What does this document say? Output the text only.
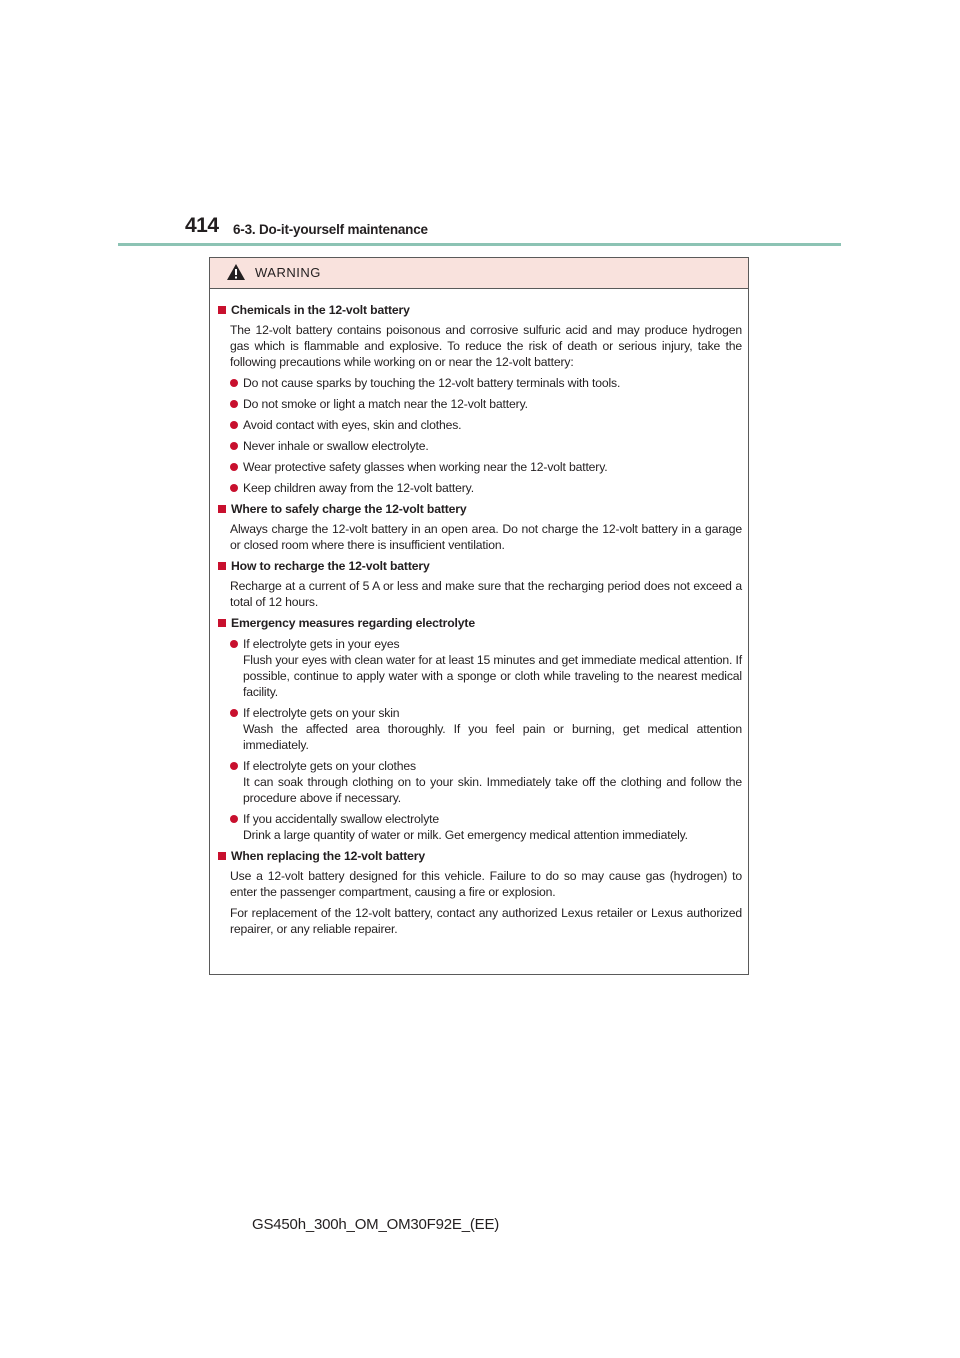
414 6-3. Do-it-yourself maintenance
WARNING
Chemicals in the 12-volt battery
The 12-volt battery contains poisonous and corrosive sulfuric acid and may produce hydrogen gas which is flammable and explosive. To reduce the risk of death or serious injury, take the following precautions while working on or near the 12-volt battery:
Do not cause sparks by touching the 12-volt battery terminals with tools.
Do not smoke or light a match near the 12-volt battery.
Avoid contact with eyes, skin and clothes.
Never inhale or swallow electrolyte.
Wear protective safety glasses when working near the 12-volt battery.
Keep children away from the 12-volt battery.
Where to safely charge the 12-volt battery
Always charge the 12-volt battery in an open area. Do not charge the 12-volt battery in a garage or closed room where there is insufficient ventilation.
How to recharge the 12-volt battery
Recharge at a current of 5 A or less and make sure that the recharging period does not exceed a total of 12 hours.
Emergency measures regarding electrolyte
If electrolyte gets in your eyes
Flush your eyes with clean water for at least 15 minutes and get immediate medical attention. If possible, continue to apply water with a sponge or cloth while traveling to the nearest medical facility.
If electrolyte gets on your skin
Wash the affected area thoroughly. If you feel pain or burning, get medical attention immediately.
If electrolyte gets on your clothes
It can soak through clothing on to your skin. Immediately take off the clothing and follow the procedure above if necessary.
If you accidentally swallow electrolyte
Drink a large quantity of water or milk. Get emergency medical attention immediately.
When replacing the 12-volt battery
Use a 12-volt battery designed for this vehicle. Failure to do so may cause gas (hydrogen) to enter the passenger compartment, causing a fire or explosion.
For replacement of the 12-volt battery, contact any authorized Lexus retailer or Lexus authorized repairer, or any reliable repairer.
GS450h_300h_OM_OM30F92E_(EE)
